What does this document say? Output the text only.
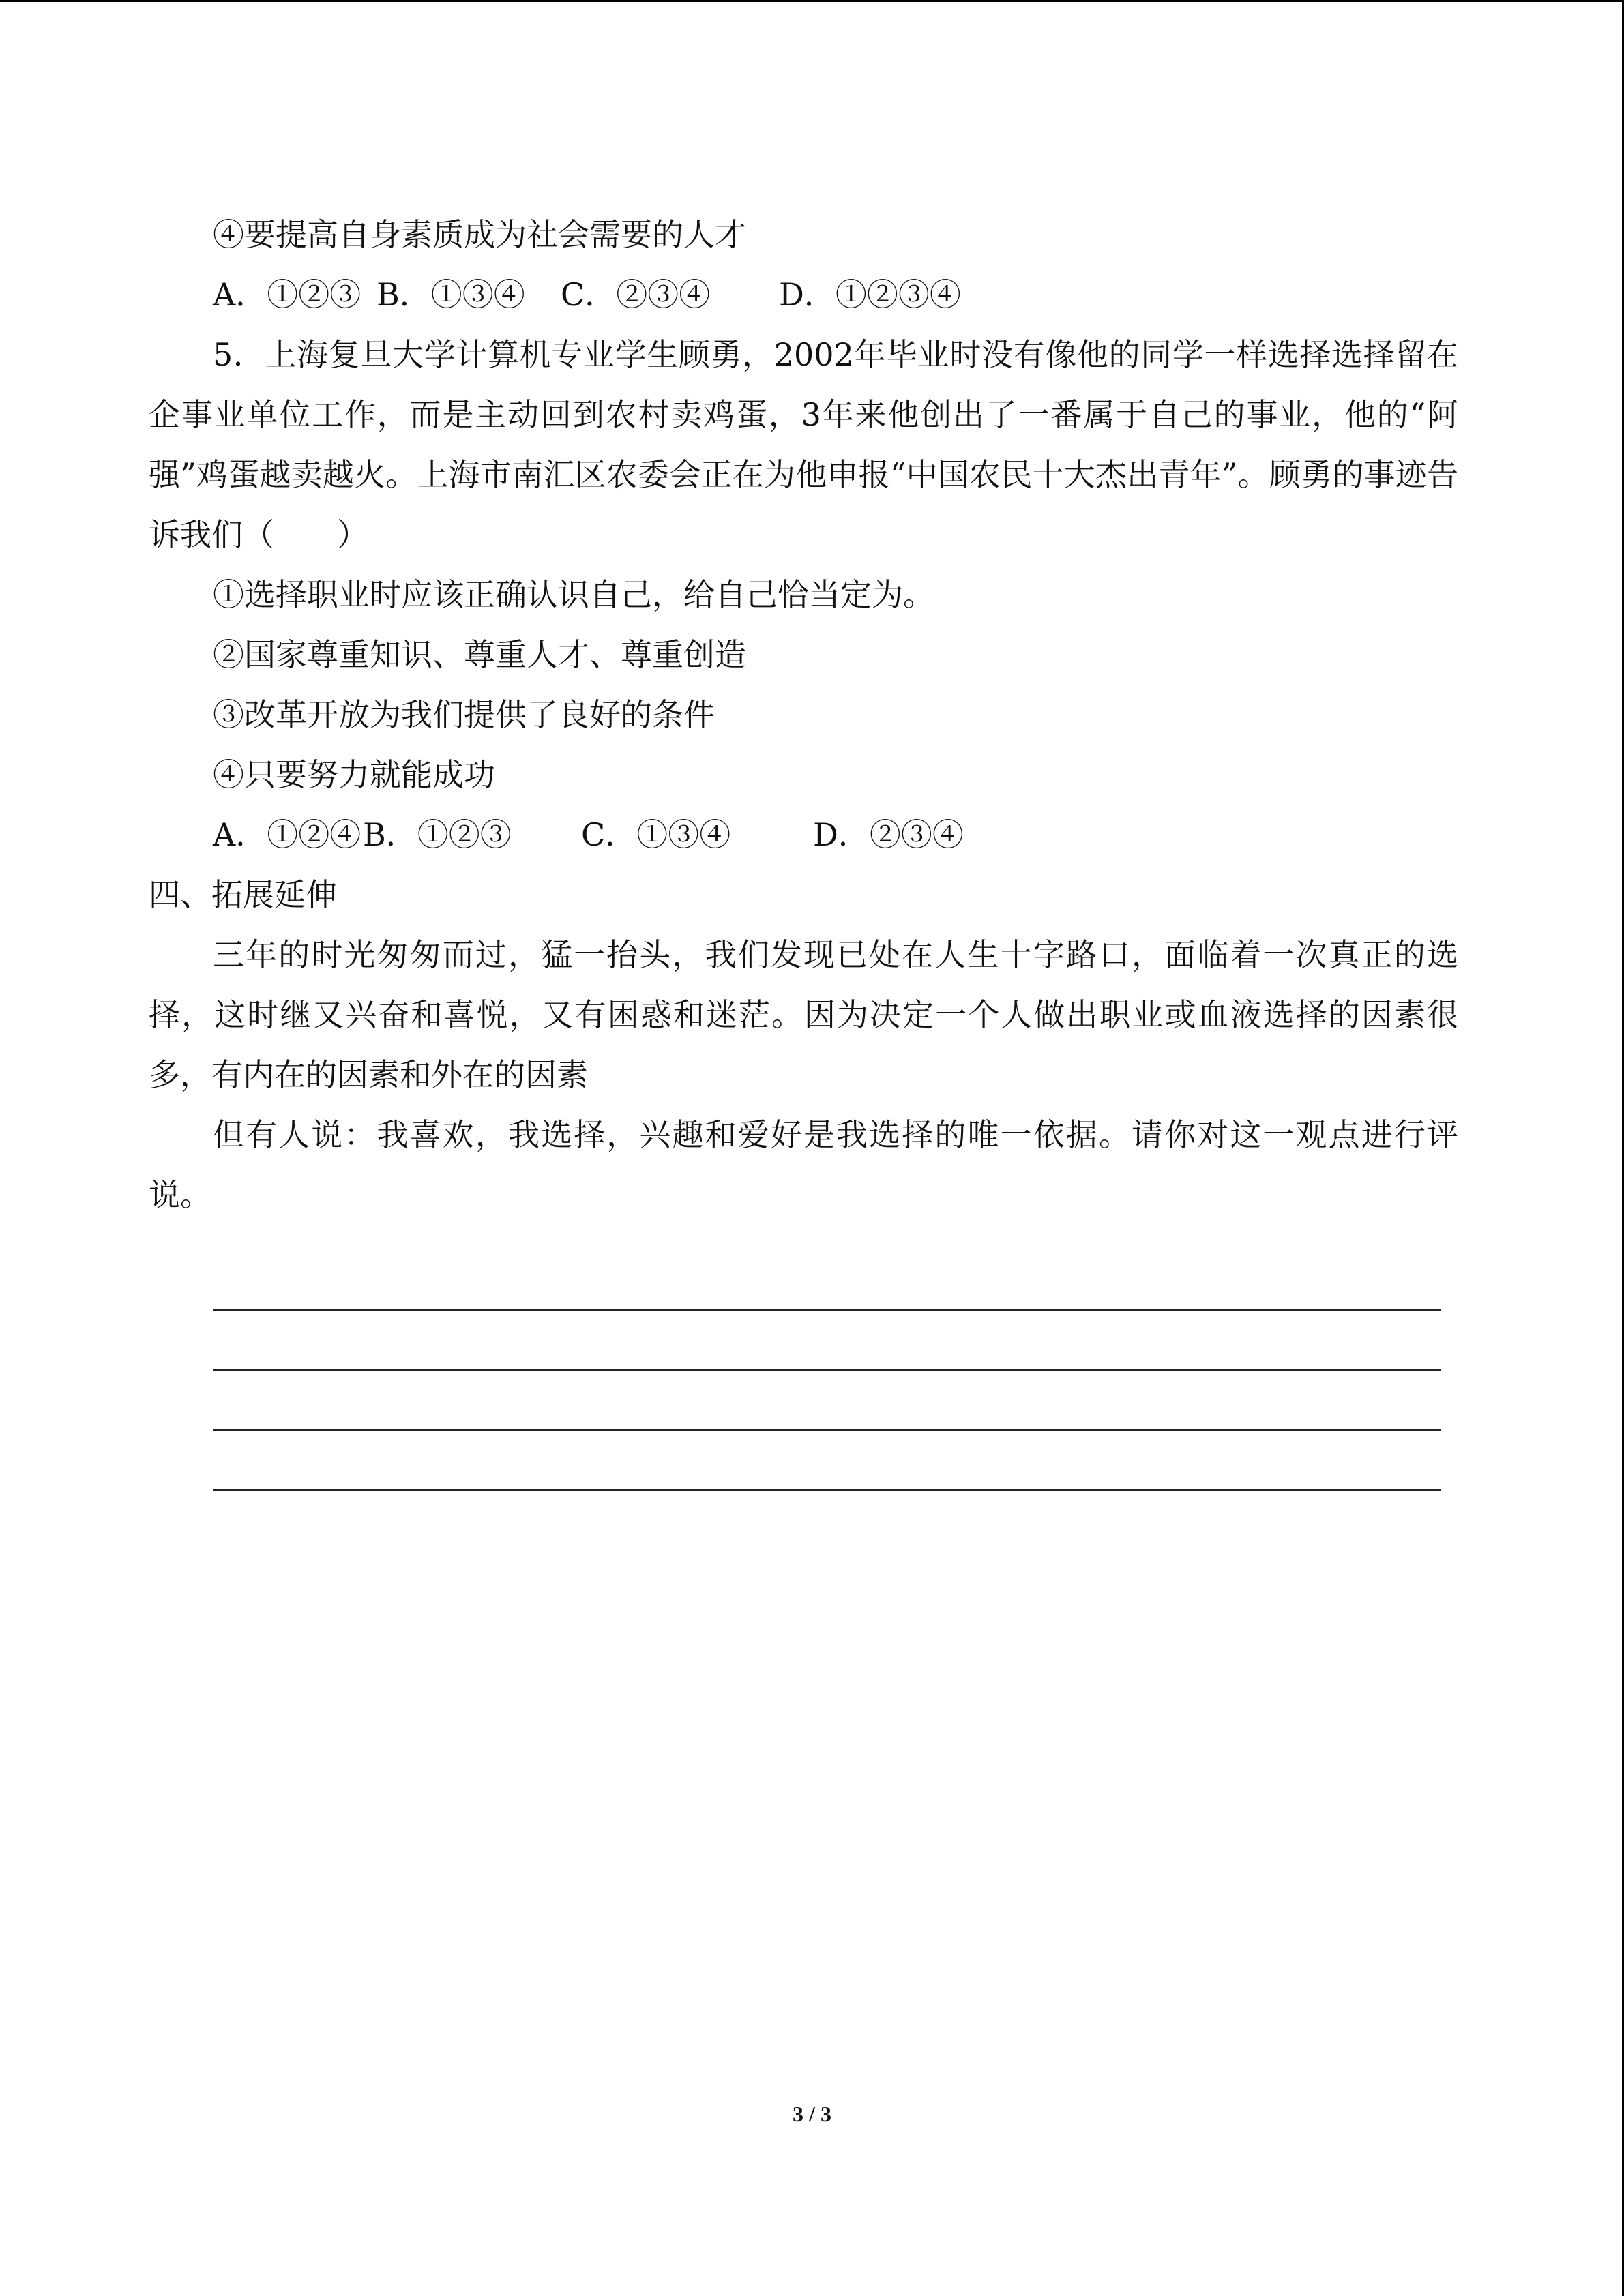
④要提高自身素质成为社会需要的人才
A．①②③ B．①③④	C．②③④	D．①②③④
5．上海复旦大学计算机专业学生顾勇，2002年毕业时没有像他的同学一样选择选择留在企事业单位工作，而是主动回到农村卖鸡蛋，3年来他创出了一番属于自己的事业，他的“阿强”鸡蛋越卖越火。上海市南汇区农委会正在为他申报“中国农民十大杰出青年”。顾勇的事迹告诉我们（　　）
①选择职业时应该正确认识自己，给自己恰当定为。
②国家尊重知识、尊重人才、尊重创造
③改革开放为我们提供了良好的条件
④只要努力就能成功
A．①②④ B．①②③	C．①③④	D．②③④
四、拓展延伸
三年的时光匆匆而过，猛一抬头，我们发现已处在人生十字路口，面临着一次真正的选择，这时继又兴奋和喜悦，又有困惑和迷茫。因为决定一个人做出职业或血液选择的因素很多，有内在的因素和外在的因素
但有人说：我喜欢，我选择，兴趣和爱好是我选择的唯一依据。请你对这一观点进行评说。
3 / 3
